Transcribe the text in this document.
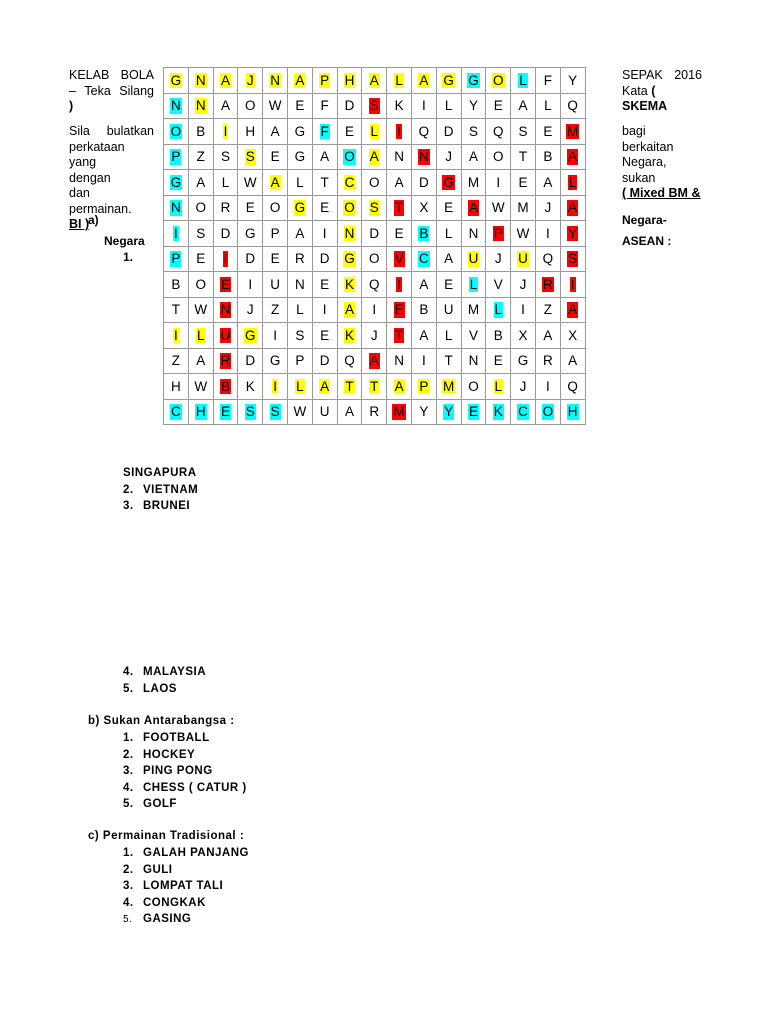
KELAB BOLA
– Teka Silang
)
Sila bulatkan
perkataan yang
dengan
dan permainan.
BI )
SEPAK 2016
Kata ( SKEMA
bagi
berkaitan
Negara, sukan
( Mixed BM &
a)
Negara
1.
Negara-
ASEAN :
G	N	A	J	N	A	P	H	A	L	A	G	G	O	L	F	Y
N	N	A	O	W	E	F	D	S	K	I	L	Y	E	A	L	Q
O	B	I	H	A	G	F	E	L	I	Q	D	S	Q	S	E	M
P	Z	S	S	E	G	A	O	A	N	N	J	A	O	T	B	A
G	A	L	W	A	L	T	C	O	A	D	G	M	I	E	A	L
N	O	R	E	O	G	E	O	S	T	X	E	A	W	M	J	A
I	S	D	G	P	A	I	N	D	E	B	L	N	P	W	I	Y
P	E	I	D	E	R	D	G	O	V	C	A	U	J	U	Q	S
B	O	E	I	U	N	E	K	Q	I	A	E	L	V	J	R	I
T	W	N	J	Z	L	I	A	I	E	B	U	M	L	I	Z	A
I	L	U	G	I	S	E	K	J	T	A	L	V	B	X	A	X
Z	A	R	D	G	P	D	Q	A	N	I	T	N	E	G	R	A
H	W	B	K	I	L	A	T	T	A	P	M	O	L	J	I	Q
C	H	E	S	S	W	U	A	R	M	Y	Y	E	K	C	O	H
SINGAPURA
2. VIETNAM
3. BRUNEI
4. MALAYSIA
5. LAOS
b) Sukan Antarabangsa :
1. FOOTBALL
2. HOCKEY
3. PING PONG
4. CHESS ( CATUR )
5. GOLF
c) Permainan Tradisional :
1. GALAH PANJANG
2. GULI
3. LOMPAT TALI
4. CONGKAK
5. GASING
